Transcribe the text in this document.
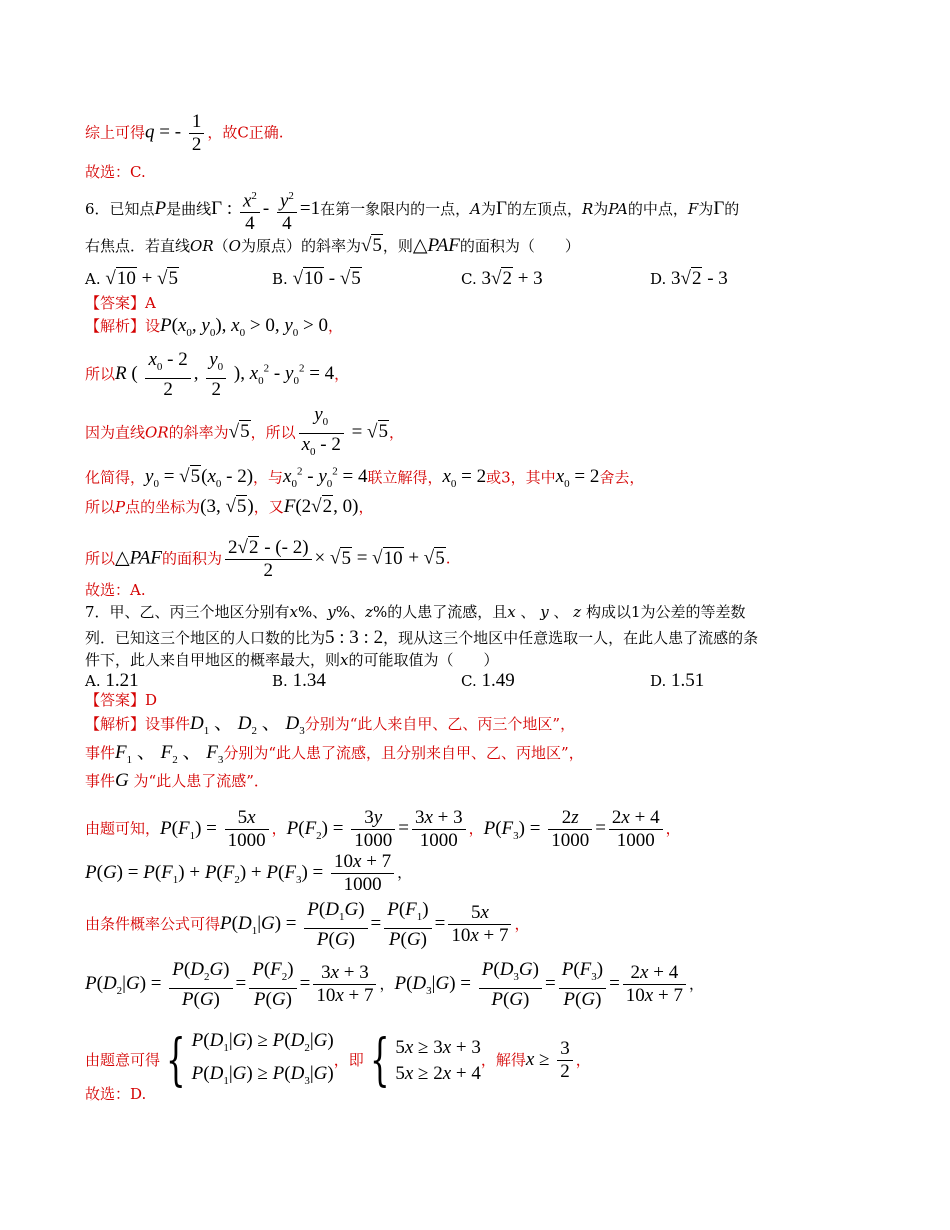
综上可得q = - $\frac{1}{2}$ ，故C正确.
故选：C.
6．已知点P是曲线Γ : $\frac{x^2}{4} - \frac{y^2}{4} =1$在第一象限内的一点，A为Γ的左顶点，R为PA的中点，F为Γ的
右焦点．若直线OR（O为原点）的斜率为√5，则△PAF的面积为（　　）
A. √10 + √5	B. √10 - √5	C. 3√2 + 3	D. 3√2 - 3
【答案】A
【解析】设$P(x_0$, $y_0$), $x_0 > 0$, $y_0 > 0$，
所以R ( $\frac{x_0 - 2}{2}$ , $\frac{y_0}{2}$ ), $x_0^2 - y_0^2 = 4$，
因为直线OR的斜率为√5，所以 $\frac{y_0}{x_0 - 2} = √5$，
化简得，$y_0 = √5(x_0 - 2)$，与$x_0^2 - y_0^2 = 4$联立解得，$x_0 = 2$或3，其中$x_0 = 2$舍去，
所以P点的坐标为(3, √5)，又F(2√2, 0)，
所以△PAF的面积为 $\frac{2√2 - (- 2)}{2} \times √5 = √10 + √5$.
故选：A.
7．甲、乙、丙三个地区分别有x%、y%、z%的人患了流感，且x 、 y 、 z 构成以1为公差的等差数
列．已知这三个地区的人口数的比为5 : 3 : 2，现从这三个地区中任意选取一人，在此人患了流感的条
件下，此人来自甲地区的概率最大，则x的可能取值为（　　）
A. 1.21	B. 1.34	C. 1.49	D. 1.51
【答案】D
【解析】设事件$D_1$ 、 $D_2$ 、 $D_3$分别为“此人来自甲、乙、丙三个地区”，
事件$F_1$ 、 $F_2$ 、 $F_3$分别为“此人患了流感，且分别来自甲、乙、丙地区”，
事件G 为“此人患了流感”．
由题可知，$P(F_1) = \frac{5x}{1000}$ ，$P(F_2) = \frac{3y}{1000} = \frac{3x + 3}{1000}$ ，$P(F_3) = \frac{2z}{1000} = \frac{2x + 4}{1000}$ ，
$P(G) = P(F_1) + P(F_2) + P(F_3) = \frac{10x + 7}{1000}$ ，
由条件概率公式可得$P(D_1|G) = \frac{P(D_1G)}{P(G)} = \frac{P(F_1)}{P(G)} = \frac{5x}{10x + 7}$ ，
$P(D_2|G) = \frac{P(D_2G)}{P(G)} = \frac{P(F_2)}{P(G)} = \frac{3x + 3}{10x + 7}$ ，$P(D_3|G) = \frac{P(D_3G)}{P(G)} = \frac{P(F_3)}{P(G)} = \frac{2x + 4}{10x + 7}$ ，
由题意可得 { $P(D_1|G) \ge P(D_2|G)$
$P(D_1|G) \ge P(D_3|G)$
，即 { 5x ≥ 3x + 3
5x ≥ 2x + 4
，解得$x \ge \frac{3}{2}$ ，
故选：D.
